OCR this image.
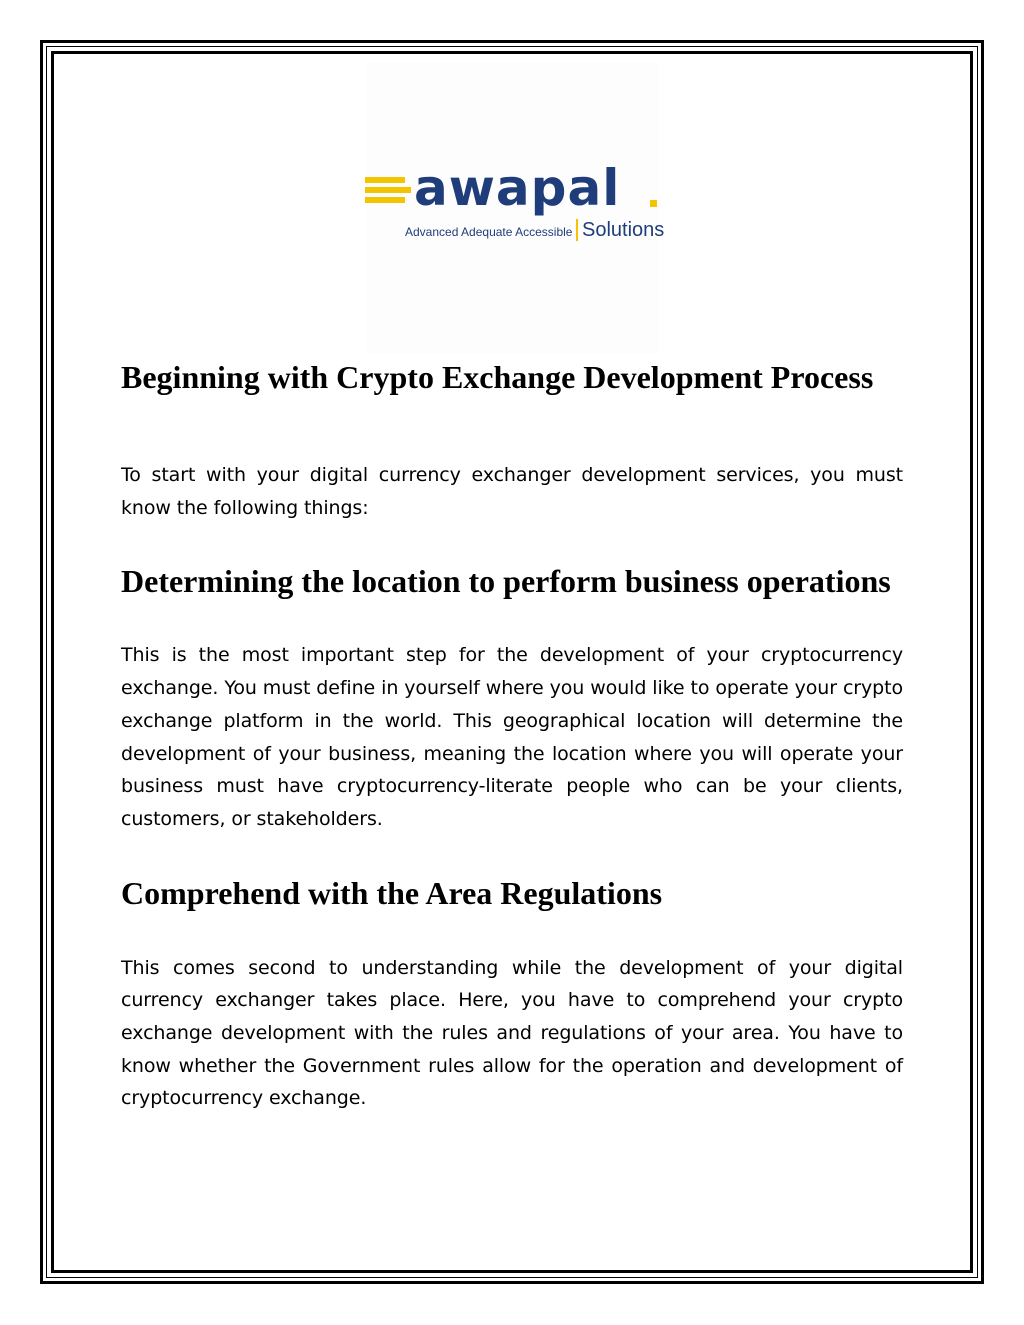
awapal
Advanced Adequate Accessible Solutions
Beginning with Crypto Exchange Development Process

To start with your digital currency exchanger development services, you must know the following things:

Determining the location to perform business operations

This is the most important step for the development of your cryptocurrency exchange. You must define in yourself where you would like to operate your crypto exchange platform in the world. This geographical location will determine the development of your business, meaning the location where you will operate your business must have cryptocurrency-literate people who can be your clients, customers, or stakeholders.

Comprehend with the Area Regulations

This comes second to understanding while the development of your digital currency exchanger takes place. Here, you have to comprehend your crypto exchange development with the rules and regulations of your area. You have to know whether the Government rules allow for the operation and development of cryptocurrency exchange.
